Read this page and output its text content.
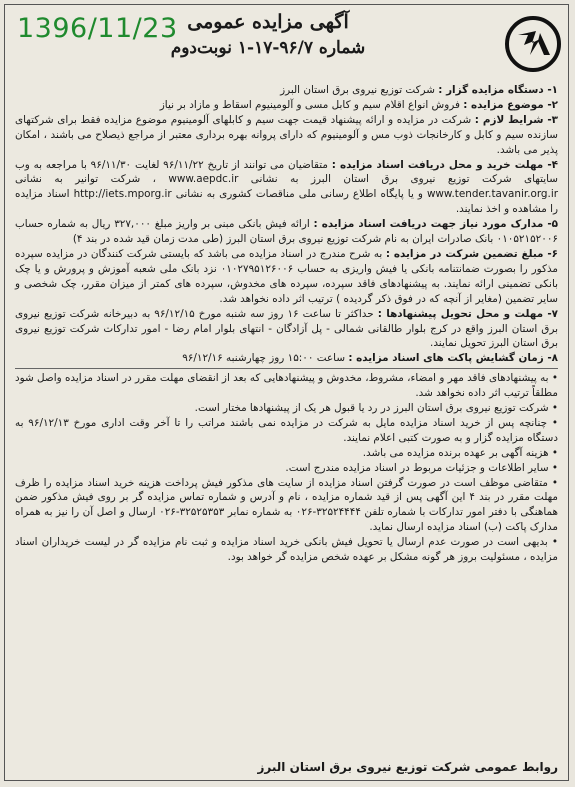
1396/11/23 آگهی مزایده عمومی
شماره ۹۶/۷-۱۷-۱ نوبت‌دوم

۱- دستگاه مزایده گزار : شرکت توزیع نیروی برق استان البرز

۲- موضوع مزایده : فروش انواع اقلام سیم و کابل مسی و آلومینیوم اسقاط و مازاد بر نیاز

۳- شرایط لازم : شرکت در مزایده و ارائه پیشنهاد قیمت جهت سیم و کابلهای آلومینیوم موضوع مزایده فقط برای شرکتهای سازنده سیم و کابل و کارخانجات ذوب مس و آلومینیوم که دارای پروانه بهره برداری معتبر از مراجع ذیصلاح می باشند ، امکان پذیر می باشد.

۴- مهلت خرید و محل دریافت اسناد مزایده : متقاضیان می توانند از تاریخ ۹۶/۱۱/۲۲ لغایت ۹۶/۱۱/۳۰ با مراجعه به وب سایتهای شرکت توزیع نیروی برق استان البرز به نشانی www.aepdc.ir ، شرکت توانیر به نشانی www.tender.tavanir.org.ir و یا پایگاه اطلاع رسانی ملی مناقصات کشوری به نشانی http://iets.mporg.ir اسناد مزایده را مشاهده و اخذ نمایند.

۵- مدارک مورد نیاز جهت دریافت اسناد مزایده : ارائه فیش بانکی مبنی بر واریز مبلغ ۳۲۷,۰۰۰ ریال به شماره حساب ۰۱۰۵۲۱۵۲۰۰۶ بانک صادرات ایران به نام شرکت توزیع نیروی برق استان البرز (طی مدت زمان قید شده در بند ۴)

۶- مبلغ تضمین شرکت در مزایده : به شرح مندرج در اسناد مزایده می باشد که بایستی شرکت کنندگان در مزایده سپرده مذکور را بصورت ضمانتنامه بانکی یا فیش واریزی به حساب ۰۱۰۲۷۹۵۱۲۶۰۰۶ نزد بانک ملی شعبه آموزش و پرورش و یا چک بانکی تضمینی ارائه نمایند. به پیشنهادهای فاقد سپرده، سپرده های مخدوش، سپرده های کمتر از میزان مقرر، چک شخصی و سایر تضمین (مغایر از آنچه که در فوق ذکر گردیده ) ترتیب اثر داده نخواهد شد.

۷- مهلت و محل تحویل پیشنهادها : حداکثر تا ساعت ۱۶ روز سه شنبه مورخ ۹۶/۱۲/۱۵ به دبیرخانه شرکت توزیع نیروی برق استان البرز واقع در کرج بلوار طالقانی شمالی - پل آزادگان - انتهای بلوار امام رضا - امور تدارکات شرکت توزیع نیروی برق استان البرز تحویل نمایند.

۸- زمان گشایش پاکت های اسناد مزایده : ساعت ۱۵:۰۰ روز چهارشنبه ۹۶/۱۲/۱۶

• به پیشنهادهای فاقد مهر و امضاء، مشروط، مخدوش و پیشنهادهایی که بعد از انقضای مهلت مقرر در اسناد مزایده واصل شود مطلقاً ترتیب اثر داده نخواهد شد.

• شرکت توزیع نیروی برق استان البرز در رد یا قبول هر یک از پیشنهادها مختار است.

• چنانچه پس از خرید اسناد مزایده مایل به شرکت در مزایده نمی باشند مراتب را تا آخر وقت اداری مورخ ۹۶/۱۲/۱۳ به دستگاه مزایده گزار و به صورت کتبی اعلام نمایند.

• هزینه آگهی بر عهده برنده مزایده می باشد.

• سایر اطلاعات و جزئیات مربوط در اسناد مزایده مندرج است.

• متقاضی موظف است در صورت گرفتن اسناد مزایده از سایت های مذکور فیش پرداخت هزینه خرید اسناد مزایده را ظرف مهلت مقرر در بند ۴ این آگهی پس از قید شماره مزایده ، نام و آدرس و شماره تماس مزایده گر بر روی فیش مذکور ضمن هماهنگی با دفتر امور تدارکات با شماره تلفن ۳۲۵۲۴۴۴۴-۰۲۶ به شماره نمابر ۳۲۵۲۵۳۵۳-۰۲۶ ارسال و اصل آن را نیز به همراه مدارک پاکت (ب) اسناد مزایده ارسال نماید.

• بدیهی است در صورت عدم ارسال یا تحویل فیش بانکی خرید اسناد مزایده و ثبت نام مزایده گر در لیست خریداران اسناد مزایده ، مسئولیت بروز هر گونه مشکل بر عهده شخص مزایده گر خواهد بود.

روابط عمومی شرکت توزیع نیروی برق استان البرز
